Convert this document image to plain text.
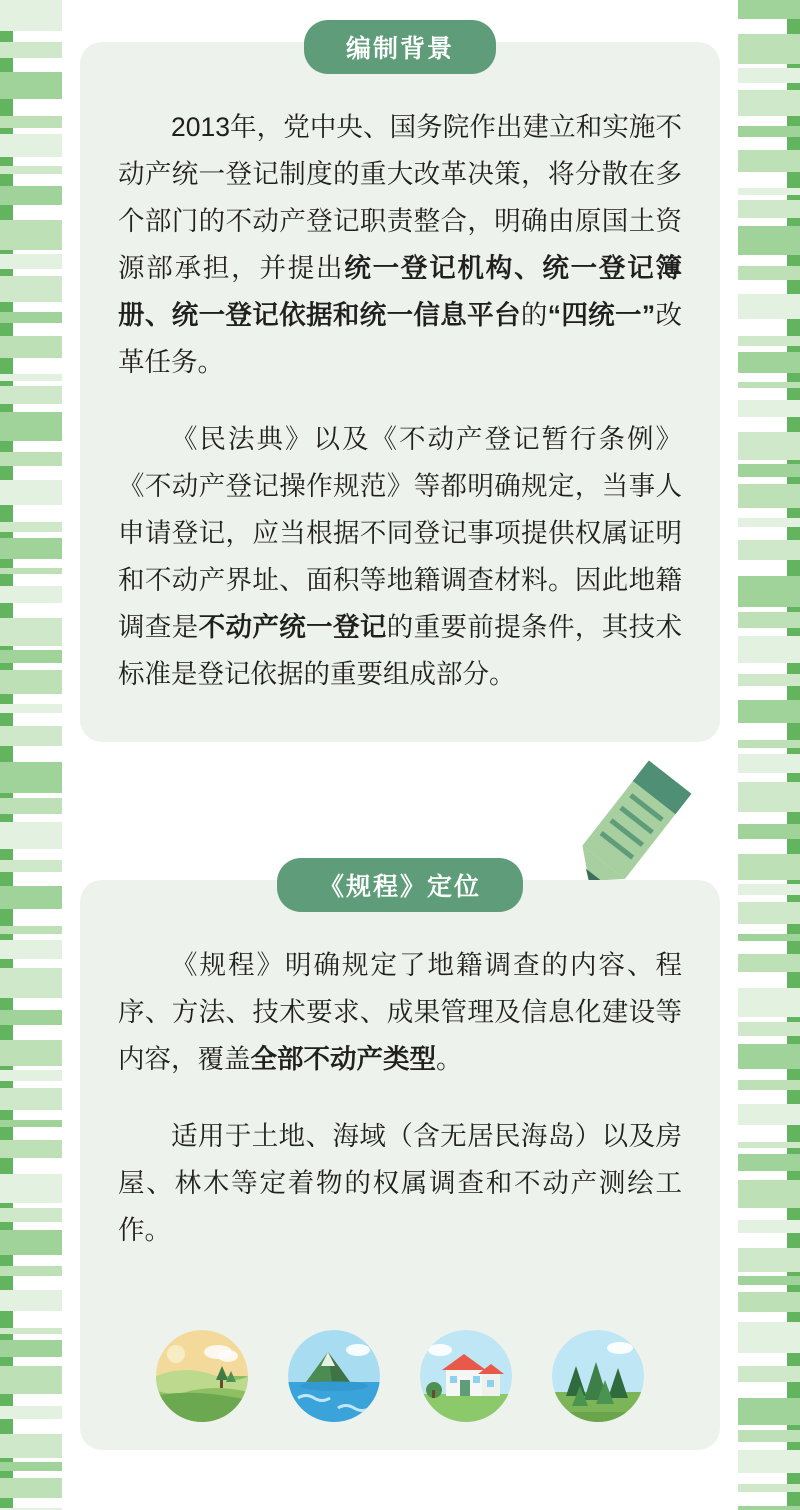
编制背景

2013年，党中央、国务院作出建立和实施不动产统一登记制度的重大改革决策，将分散在多个部门的不动产登记职责整合，明确由原国土资源部承担，并提出统一登记机构、统一登记簿册、统一登记依据和统一信息平台的“四统一”改革任务。

《民法典》以及《不动产登记暂行条例》《不动产登记操作规范》等都明确规定，当事人申请登记，应当根据不同登记事项提供权属证明和不动产界址、面积等地籍调查材料。因此地籍调查是不动产统一登记的重要前提条件，其技术标准是登记依据的重要组成部分。

《规程》定位

《规程》明确规定了地籍调查的内容、程序、方法、技术要求、成果管理及信息化建设等内容，覆盖全部不动产类型。

适用于土地、海域（含无居民海岛）以及房屋、林木等定着物的权属调查和不动产测绘工作。
